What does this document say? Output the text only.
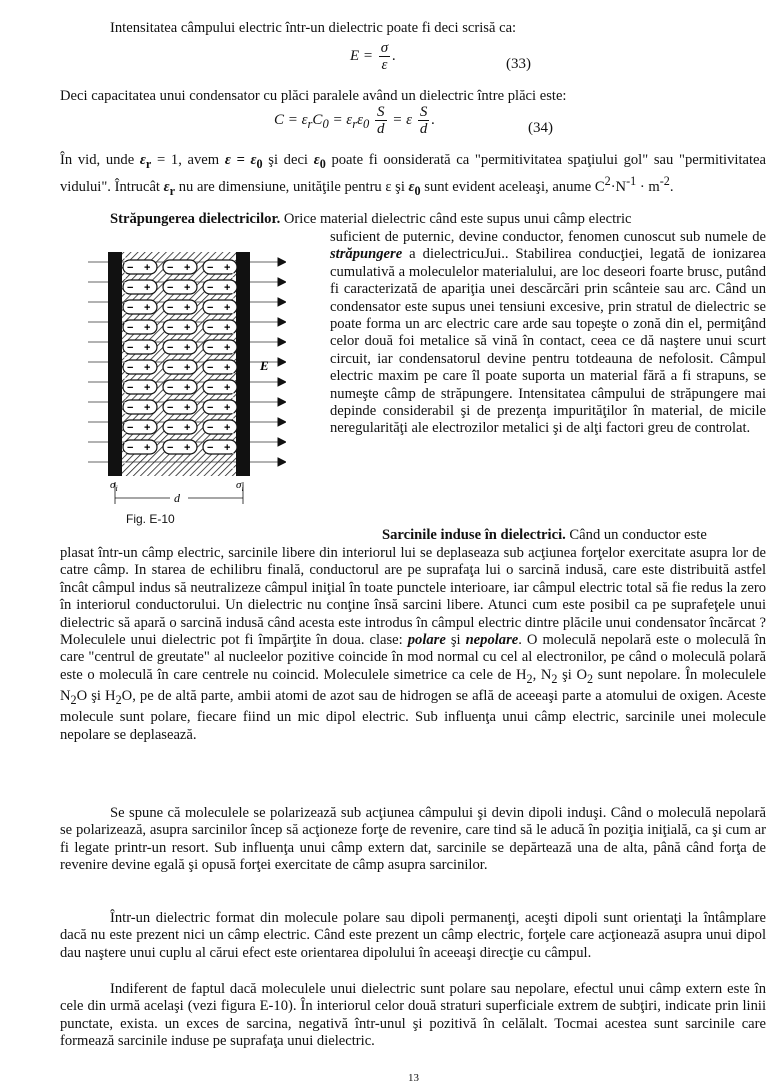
Intensitatea câmpului electric într-un dielectric poate fi deci scrisă ca:

$E = \frac{\sigma}{\varepsilon}$ .
(33)

Deci capacitatea unui condensator cu plăci paralele având un dielectric între plăci este:

$C = \varepsilon_rC_0 = \varepsilon_r\varepsilon_0 \frac{S}{d} = \varepsilon \frac{S}{d}$ .
(34)

În vid, unde $\varepsilon_r = 1$, avem $\varepsilon = \varepsilon_0$ şi deci $\varepsilon_0$ poate fi oonsiderată ca "permitivitatea spaţiului gol" sau "permitivitatea vidului". Întrucât $\varepsilon_r$ nu are dimensiune, unităţile pentru ε şi $\varepsilon_0$ sunt evident aceleaşi, anume $C^2\cdot N^{-1} \cdot m^{-2}$.

Străpungerea dielectricilor. Orice material dielectric când este supus unui câmp electric

suficient de puternic, devine conductor, fenomen cunoscut sub numele de străpungere a dielectricuJui.. Stabilirea conducţiei, legată de ionizarea cumulativă a moleculelor materialului, are loc deseori foarte brusc, putând fi caracterizată de apariţia unei descărcări prin scânteie sau arc. Când un condensator este supus unei tensiuni excesive, prin stratul de dielectric se poate forma un arc electric care arde sau topeşte o zonă din el, permiţând celor două foi metalice să vină în contact, ceea ce dă naştere unui scurt circuit, iar condensatorul devine pentru totdeauna de nefolosit. Câmpul electric maxim pe care îl poate suporta un material fără a fi strapuns, se numeşte câmp de străpungere. Intensitatea câmpului de străpungere mai depinde considerabil şi de prezenţa impurităţilor în material, de micile neregularităţi ale electrozilor metalici şi de alţi factori greu de controlat.

− + − + − +
− + − + − +
− + − + − +
− + − + − +
− + − + − +
− + − + − +
− + − + − +
− + − + − +
− + − + − +
− + − + − +
E
$\sigma_i$	$\sigma_i$
d
Fig. E-10

Sarcinile induse în dielectrici. Când un conductor este

plasat într-un câmp electric, sarcinile libere din interiorul lui se deplaseaza sub acţiunea forţelor exercitate asupra lor de catre câmp. In starea de echilibru finală, conductorul are pe suprafaţa lui o sarcină indusă, care este distribuită astfel încât câmpul indus să neutralizeze câmpul iniţial în toate punctele interioare, iar câmpul electric total să fie redus la zero în interiorul conductorului. Un dielectric nu conţine însă sarcini libere. Atunci cum este posibil ca pe suprafeţele unui dielectric să apară o sarcină indusă când acesta este introdus în câmpul electric dintre plăcile unui condensator încărcat ? Moleculele unui dielectric pot fi împărţite în doua. clase: polare şi nepolare. O moleculă nepolară este o moleculă în care "centrul de greutate" al nucleelor pozitive coincide în mod normal cu cel al electronilor, pe când o moleculă polară este o moleculă în care centrele nu coincid. Moleculele simetrice ca cele de $H_2$, $N_2$ şi $O_2$ sunt nepolare. În moleculele $N_2O$ şi $H_2O$, pe de altă parte, ambii atomi de azot sau de hidrogen se află de aceeaşi parte a atomului de oxigen. Aceste molecule sunt polare, fiecare fiind un mic dipol electric. Sub influenţa unui câmp electric, sarcinile unei molecule nepolare se deplasează.

Se spune că moleculele se polarizează sub acţiunea câmpului şi devin dipoli induşi. Când o moleculă nepolară se polarizează, asupra sarcinilor încep să acţioneze forţe de revenire, care tind să le aducă în poziţia iniţială, ca şi cum ar fi legate printr-un resort. Sub influenţa unui câmp extern dat, sarcinile se depărtează una de alta, până când forţa de revenire devine egală şi opusă forţei exercitate de câmp asupra sarcinilor.

Într-un dielectric format din molecule polare sau dipoli permanenţi, aceşti dipoli sunt orientaţi la întâmplare dacă nu este prezent nici un câmp electric. Când este prezent un câmp electric, forţele care acţionează asupra unui dipol dau naştere unui cuplu al cărui efect este orientarea dipolului în aceeaşi direcţie cu câmpul.

Indiferent de faptul dacă moleculele unui dielectric sunt polare sau nepolare, efectul unui câmp extern este în cele din urmă acelaşi (vezi figura E-10). În interiorul celor două straturi superficiale extrem de subţiri, indicate prin linii punctate, exista. un exces de sarcina, negativă într-unul şi pozitivă în celălalt. Tocmai acestea sunt sarcinile care formează sarcinile induse pe suprafaţa unui dielectric.

13
